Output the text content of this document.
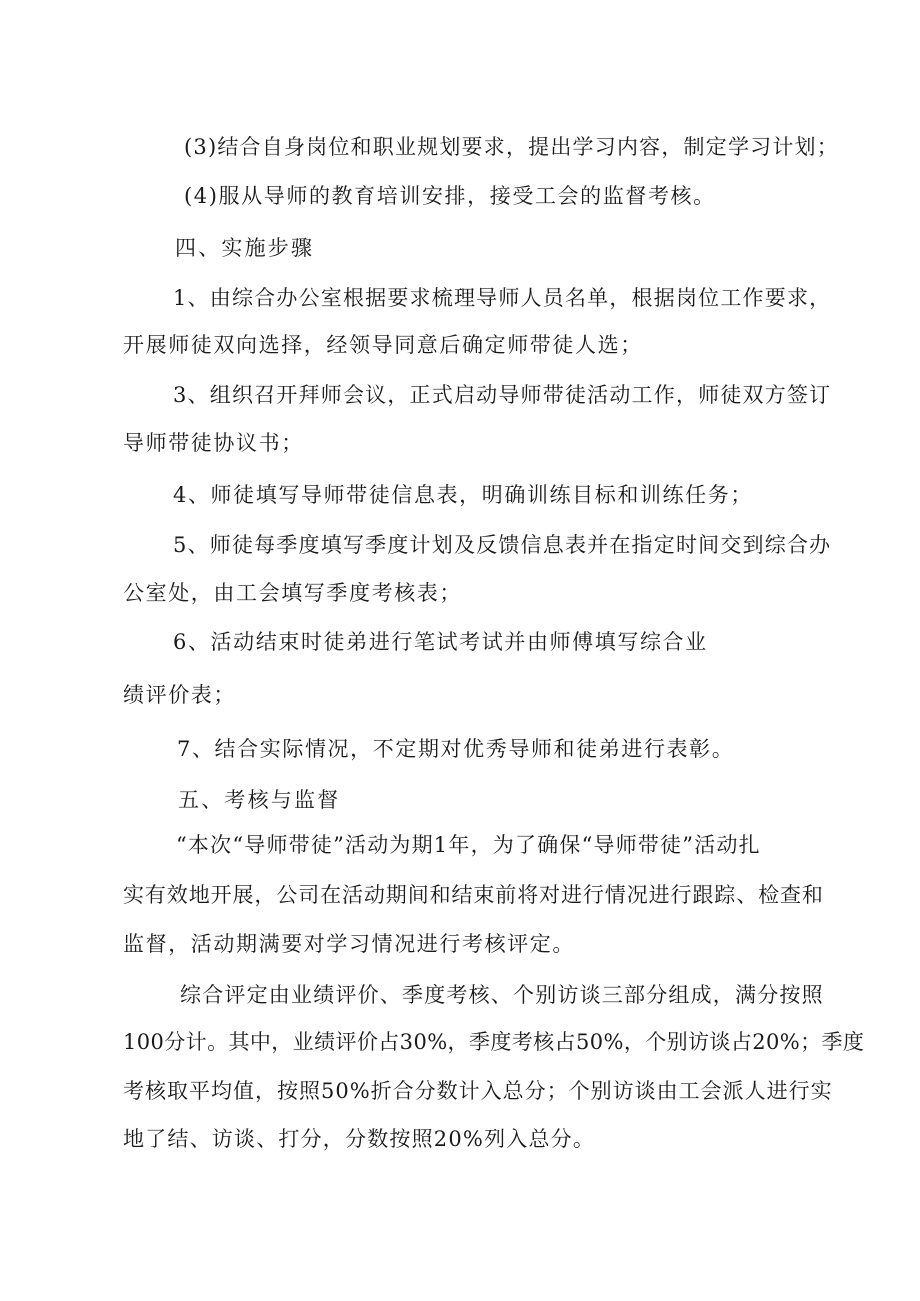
(3)结合自身岗位和职业规划要求，提出学习内容，制定学习计划；
(4)服从导师的教育培训安排，接受工会的监督考核。
四、实施步骤
1、由综合办公室根据要求梳理导师人员名单，根据岗位工作要求，
开展师徒双向选择，经领导同意后确定师带徒人选；
3、组织召开拜师会议，正式启动导师带徒活动工作，师徒双方签订
导师带徒协议书；
4、师徒填写导师带徒信息表，明确训练目标和训练任务；
5、师徒每季度填写季度计划及反馈信息表并在指定时间交到综合办
公室处，由工会填写季度考核表；
6、活动结束时徒弟进行笔试考试并由师傅填写综合业
绩评价表；
7、结合实际情况，不定期对优秀导师和徒弟进行表彰。
五、考核与监督
“本次“导师带徒”活动为期1年，为了确保“导师带徒”活动扎
实有效地开展，公司在活动期间和结束前将对进行情况进行跟踪、检查和
监督，活动期满要对学习情况进行考核评定。
综合评定由业绩评价、季度考核、个别访谈三部分组成，满分按照
100分计。其中，业绩评价占30%，季度考核占50%，个别访谈占20%；季度
考核取平均值，按照50%折合分数计入总分；个别访谈由工会派人进行实
地了结、访谈、打分，分数按照20%列入总分。
